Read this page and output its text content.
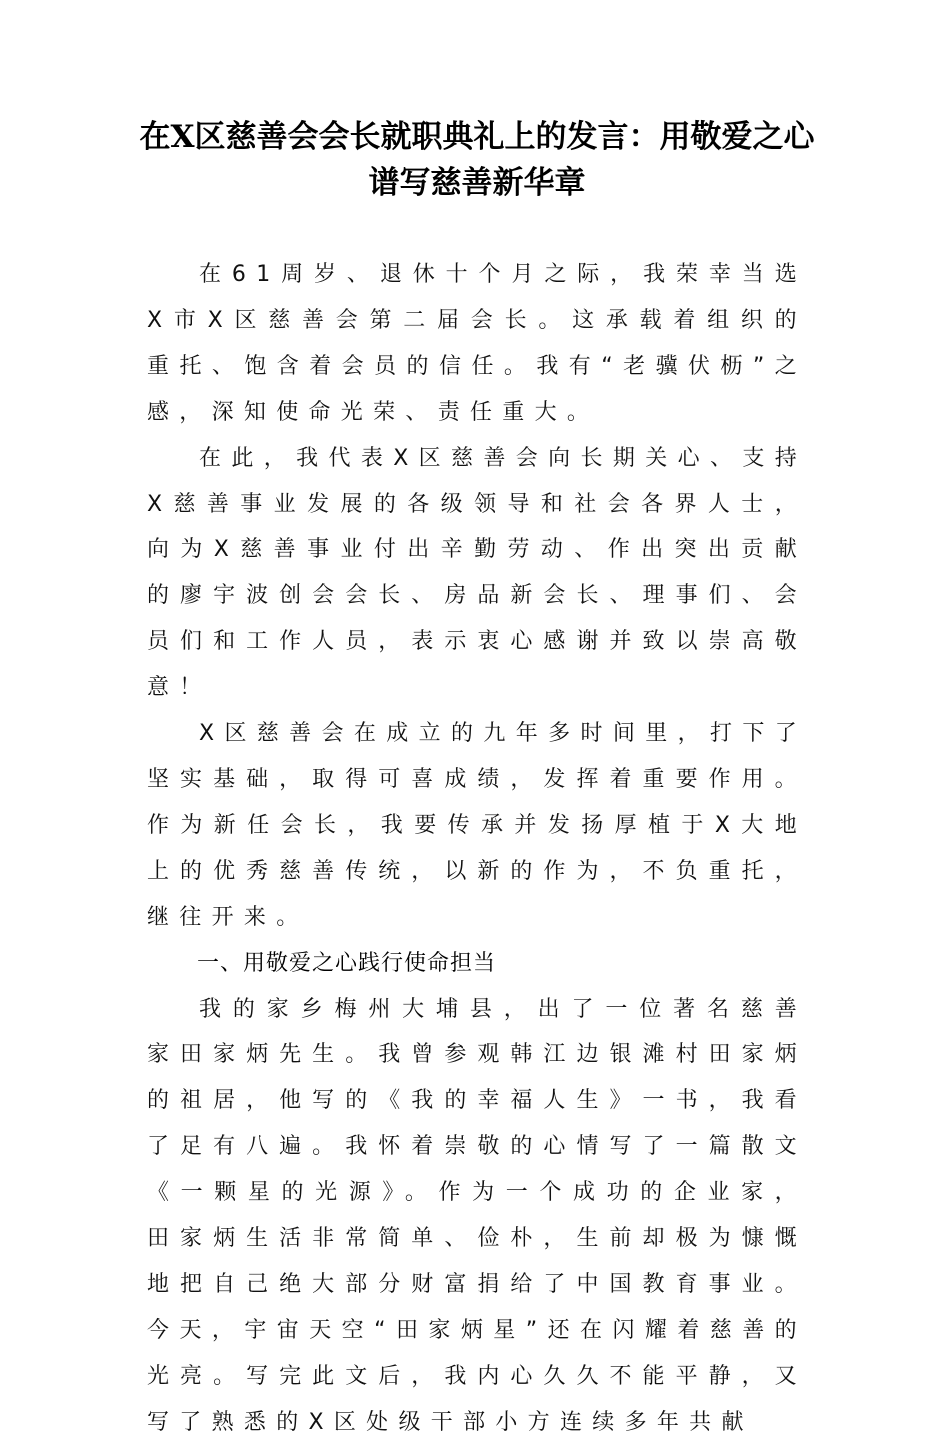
在X区慈善会会长就职典礼上的发言：用敬爱之心谱写慈善新华章

在61周岁、退休十个月之际，我荣幸当选X市X区慈善会第二届会长。这承载着组织的重托、饱含着会员的信任。我有“老骥伏枥”之感，深知使命光荣、责任重大。

在此，我代表X区慈善会向长期关心、支持X慈善事业发展的各级领导和社会各界人士，向为X慈善事业付出辛勤劳动、作出突出贡献的廖宇波创会会长、房品新会长、理事们、会员们和工作人员，表示衷心感谢并致以崇高敬意！

X区慈善会在成立的九年多时间里，打下了坚实基础，取得可喜成绩，发挥着重要作用。作为新任会长，我要传承并发扬厚植于X大地上的优秀慈善传统，以新的作为，不负重托，继往开来。

一、用敬爱之心践行使命担当

我的家乡梅州大埔县，出了一位著名慈善家田家炳先生。我曾参观韩江边银滩村田家炳的祖居，他写的《我的幸福人生》一书，我看了足有八遍。我怀着崇敬的心情写了一篇散文《一颗星的光源》。作为一个成功的企业家，田家炳生活非常简单、俭朴，生前却极为慷慨地把自己绝大部分财富捐给了中国教育事业。今天，宇宙天空“田家炳星”还在闪耀着慈善的光亮。写完此文后，我内心久久不能平静，又写了熟悉的X区处级干部小方连续多年共献
